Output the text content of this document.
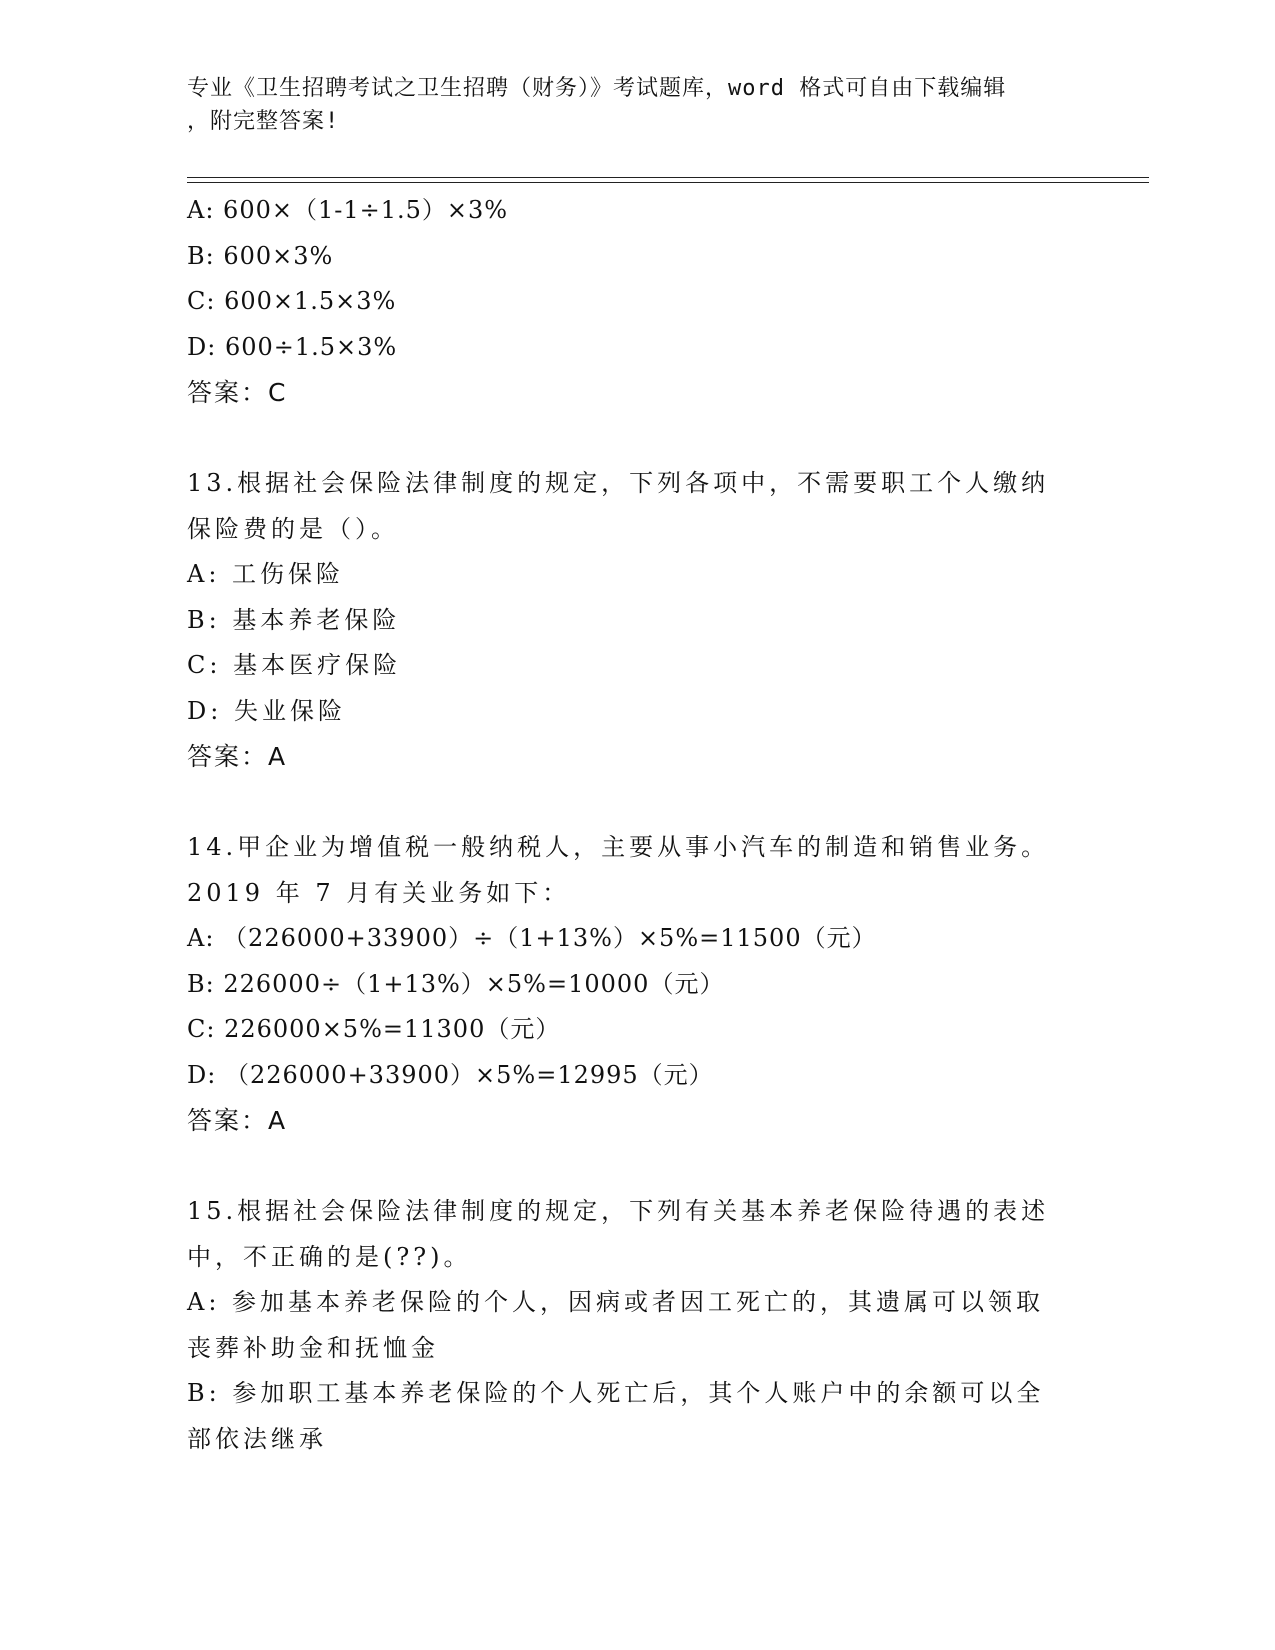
专业《卫生招聘考试之卫生招聘（财务）》考试题库，word 格式可自由下载编辑
，附完整答案!
A: 600×（1-1÷1.5）×3%
B: 600×3%
C: 600×1.5×3%
D: 600÷1.5×3%
答案：C
13.根据社会保险法律制度的规定，下列各项中，不需要职工个人缴纳
保险费的是（）。
A: 工伤保险
B: 基本养老保险
C: 基本医疗保险
D: 失业保险
答案：A
14.甲企业为增值税一般纳税人，主要从事小汽车的制造和销售业务。
2019 年 7 月有关业务如下：
A: （226000+33900）÷（1+13%）×5%=11500（元）
B: 226000÷（1+13%）×5%=10000（元）
C: 226000×5%=11300（元）
D: （226000+33900）×5%=12995（元）
答案：A
15.根据社会保险法律制度的规定，下列有关基本养老保险待遇的表述
中，不正确的是(??)。
A: 参加基本养老保险的个人，因病或者因工死亡的，其遗属可以领取
丧葬补助金和抚恤金
B: 参加职工基本养老保险的个人死亡后，其个人账户中的余额可以全
部依法继承
